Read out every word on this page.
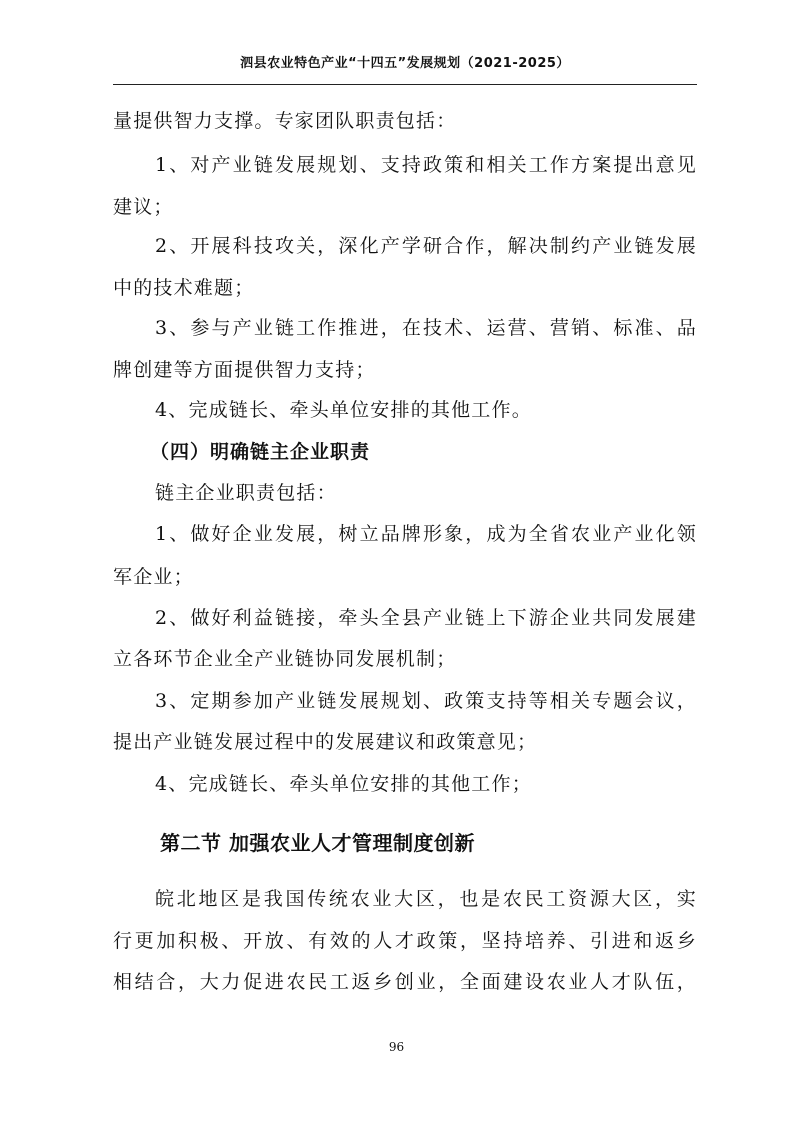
泗县农业特色产业“十四五”发展规划（2021-2025）
量提供智力支撑。专家团队职责包括：
1、对产业链发展规划、支持政策和相关工作方案提出意见
建议；
2、开展科技攻关，深化产学研合作，解决制约产业链发展
中的技术难题；
3、参与产业链工作推进，在技术、运营、营销、标准、品
牌创建等方面提供智力支持；
4、完成链长、牵头单位安排的其他工作。
（四）明确链主企业职责
链主企业职责包括：
1、做好企业发展，树立品牌形象，成为全省农业产业化领
军企业；
2、做好利益链接，牵头全县产业链上下游企业共同发展建
立各环节企业全产业链协同发展机制；
3、定期参加产业链发展规划、政策支持等相关专题会议，
提出产业链发展过程中的发展建议和政策意见；
4、完成链长、牵头单位安排的其他工作；
第二节 加强农业人才管理制度创新
皖北地区是我国传统农业大区，也是农民工资源大区，实
行更加积极、开放、有效的人才政策，坚持培养、引进和返乡
相结合，大力促进农民工返乡创业，全面建设农业人才队伍，
96
